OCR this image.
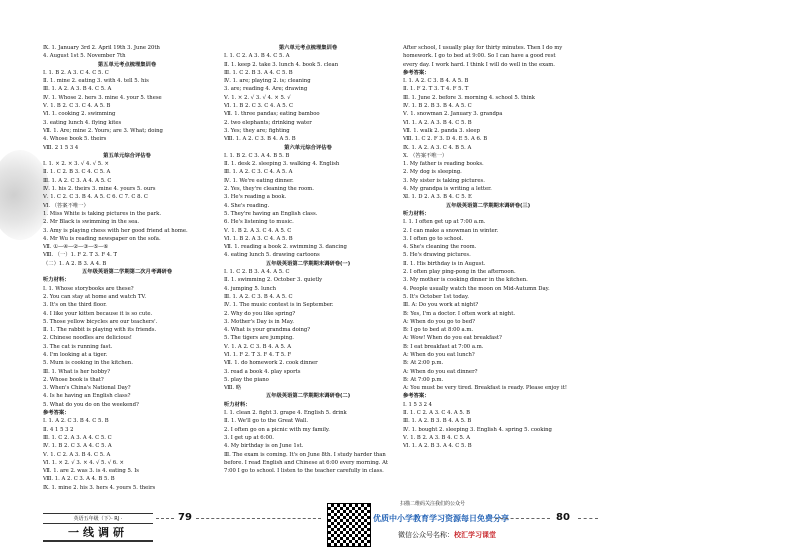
Ⅸ. 1. January 3rd 2. April 19th 3. June 20th
4. August 1st 5. November 7th
第五单元考点梳理集训卷
Ⅰ. 1. B 2. A 3. C 4. C 5. C
Ⅱ. 1. mine 2. eating 3. with 4. tell 5. his
Ⅲ. 1. A 2. A 3. B 4. C 5. A
Ⅳ. 1. Whose 2. hers 3. mine 4. your 5. these
Ⅴ. 1. B 2. C 3. C 4. A 5. B
Ⅵ. 1. cooking 2. swimming
3. eating lunch 4. flying kites
Ⅶ. 1. Are; mine 2. Yours; are 3. What; doing
4. Whose book 5. theirs
Ⅷ. 2 1 5 3 4
第五单元综合评估卷
Ⅰ. 1. × 2. × 3. √ 4. √ 5. ×
Ⅱ. 1. C 2. B 3. C 4. C 5. A
Ⅲ. 1. A 2. C 3. A 4. A 5. C
Ⅳ. 1. his 2. theirs 3. mine 4. yours 5. ours
Ⅴ. 1. C 2. C 3. B 4. A 5. C 6. C 7. C 8. C
Ⅵ. （答案不唯一）
1. Miss White is taking pictures in the park.
2. Mr Black is swimming in the sea.
3. Amy is playing chess with her good friend at home.
4. Mr Wu is reading newspaper on the sofa.
Ⅶ. ①—④—②—③—⑤—⑥
Ⅷ. （一）1. F 2. T 3. F 4. T
（二）1. A 2. B 3. A 4. B
五年级英语第二学期第二次月考调研卷
听力材料：
Ⅰ. 1. Whose storybooks are these?
2. You can stay at home and watch TV.
3. It's on the third floor.
4. I like your kitten because it is so cute.
5. Those yellow bicycles are our teachers'.
Ⅱ. 1. The rabbit is playing with its friends.
2. Chinese noodles are delicious!
3. The cat is running fast.
4. I'm looking at a tiger.
5. Mum is cooking in the kitchen.
Ⅲ. 1. What is her hobby?
2. Whose book is that?
3. When's China's National Day?
4. Is he having an English class?
5. What do you do on the weekend?
参考答案：
Ⅰ. 1. A 2. C 3. B 4. C 5. B
Ⅱ. 4 1 5 3 2
Ⅲ. 1. C 2. A 3. A 4. C 5. C
Ⅳ. 1. B 2. C 3. A 4. C 5. A
Ⅴ. 1. C 2. A 3. B 4. C 5. A
Ⅵ. 1. × 2. √ 3. × 4. √ 5. √ 6. ×
Ⅶ. 1. are 2. was 3. is 4. eating 5. Is
Ⅷ. 1. A 2. C 3. A 4. B 5. B
Ⅸ. 1. mine 2. his 3. hers 4. yours 5. theirs
第六单元考点梳理集训卷
Ⅰ. 1. C 2. A 3. B 4. C 5. A
Ⅱ. 1. keep 2. take 3. lunch 4. book 5. clean
Ⅲ. 1. C 2. B 3. A 4. C 5. B
Ⅳ. 1. are; playing 2. is; cleaning
3. are; reading 4. Are; drawing
Ⅴ. 1. × 2. √ 3. √ 4. × 5. √
Ⅵ. 1. B 2. C 3. C 4. A 5. C
Ⅶ. 1. three pandas; eating bamboo
2. two elephants; drinking water
3. Yes; they are; fighting
Ⅷ. 1. A 2. C 3. B 4. A 5. B
第六单元综合评估卷
Ⅰ. 1. B 2. C 3. A 4. B 5. B
Ⅱ. 1. desk 2. sleeping 3. walking 4. English
Ⅲ. 1. A 2. C 3. C 4. A 5. A
Ⅳ. 1. We're eating dinner.
2. Yes, they're cleaning the room.
3. He's reading a book.
4. She's reading.
5. They're having an English class.
6. He's listening to music.
Ⅴ. 1. B 2. A 3. C 4. A 5. C
Ⅵ. 1. B 2. A 3. C 4. A 5. B
Ⅶ. 1. reading a book 2. swimming 3. dancing
4. eating lunch 5. drawing cartoons
五年级英语第二学期期末调研卷(一)
Ⅰ. 1. C 2. B 3. A 4. A 5. C
Ⅱ. 1. swimming 2. October 3. quietly
4. jumping 5. lunch
Ⅲ. 1. A 2. C 3. B 4. A 5. C
Ⅳ. 1. The music contest is in September.
2. Why do you like spring?
3. Mother's Day is in May.
4. What is your grandma doing?
5. The tigers are jumping.
Ⅴ. 1. A 2. C 3. B 4. A 5. A
Ⅵ. 1. F 2. T 3. F 4. T 5. F
Ⅶ. 1. do homework 2. cook dinner
3. read a book 4. play sports
5. play the piano
Ⅷ. 略
五年级英语第二学期期末调研卷(二)
听力材料：
Ⅰ. 1. clean 2. fight 3. grape 4. English 5. drink
Ⅱ. 1. We'll go to the Great Wall.
2. I often go on a picnic with my family.
3. I get up at 6:00.
4. My birthday is on June 1st.
Ⅲ. The exam is coming. It's on June 8th. I study harder than
before. I read English and Chinese at 6:00 every morning. At
7:00 I go to school. I listen to the teacher carefully in class.
After school, I usually play for thirty minutes. Then I do my
homework. I go to bed at 9:00. So I can have a good rest
every day. I work hard. I think I will do well in the exam.
参考答案：
Ⅰ. 1. A 2. C 3. B 4. A 5. B
Ⅱ. 1. F 2. T 3. T 4. F 5. T
Ⅲ. 1. June 2. before 3. morning 4. school 5. think
Ⅳ. 1. B 2. B 3. B 4. A 5. C
Ⅴ. 1. snowman 2. January 3. grandpa
Ⅵ. 1. A 2. A 3. B 4. C 5. B
Ⅶ. 1. walk 2. panda 3. sleep
Ⅷ. 1. C 2. F 3. D 4. E 5. A 6. B
Ⅸ. 1. A 2. A 3. C 4. B 5. A
Ⅹ. （答案不唯一）
1. My father is reading books.
2. My dog is sleeping.
3. My sister is taking pictures.
4. My grandpa is writing a letter.
Ⅺ. 1. D 2. A 3. B 4. C 5. E
五年级英语第二学期期末调研卷(三)
听力材料：
Ⅰ. 1. I often get up at 7:00 a.m.
2. I can make a snowman in winter.
3. I often go to school.
4. She's cleaning the room.
5. He's drawing pictures.
Ⅱ. 1. His birthday is in August.
2. I often play ping-pong in the afternoon.
3. My mother is cooking dinner in the kitchen.
4. People usually watch the moon on Mid-Autumn Day.
5. It's October 1st today.
Ⅲ. A: Do you work at night?
B: Yes, I'm a doctor. I often work at night.
A: When do you go to bed?
B: I go to bed at 8:00 a.m.
A: Wow! When do you eat breakfast?
B: I eat breakfast at 7:00 a.m.
A: When do you eat lunch?
B: At 2:00 p.m.
A: When do you eat dinner?
B: At 7:00 p.m.
A: You must be very tired. Breakfast is ready. Please enjoy it!
参考答案：
Ⅰ. 1 5 3 2 4
Ⅱ. 1. C 2. A 3. C 4. A 5. B
Ⅲ. 1. A 2. B 3. B 4. A 5. B
Ⅳ. 1. bought 2. sleeping 3. English 4. spring 5. cooking
Ⅴ. 1. B 2. A 3. B 4. C 5. A
Ⅵ. 1. A 2. B 3. A 4. C 5. B
英语五年级（下）· RJ ·
一线调研
79
扫描二维码关注我们的公众号
优质中小学教育学习资源每日免费分享
微信公众号名称：校汇学习课堂
80
